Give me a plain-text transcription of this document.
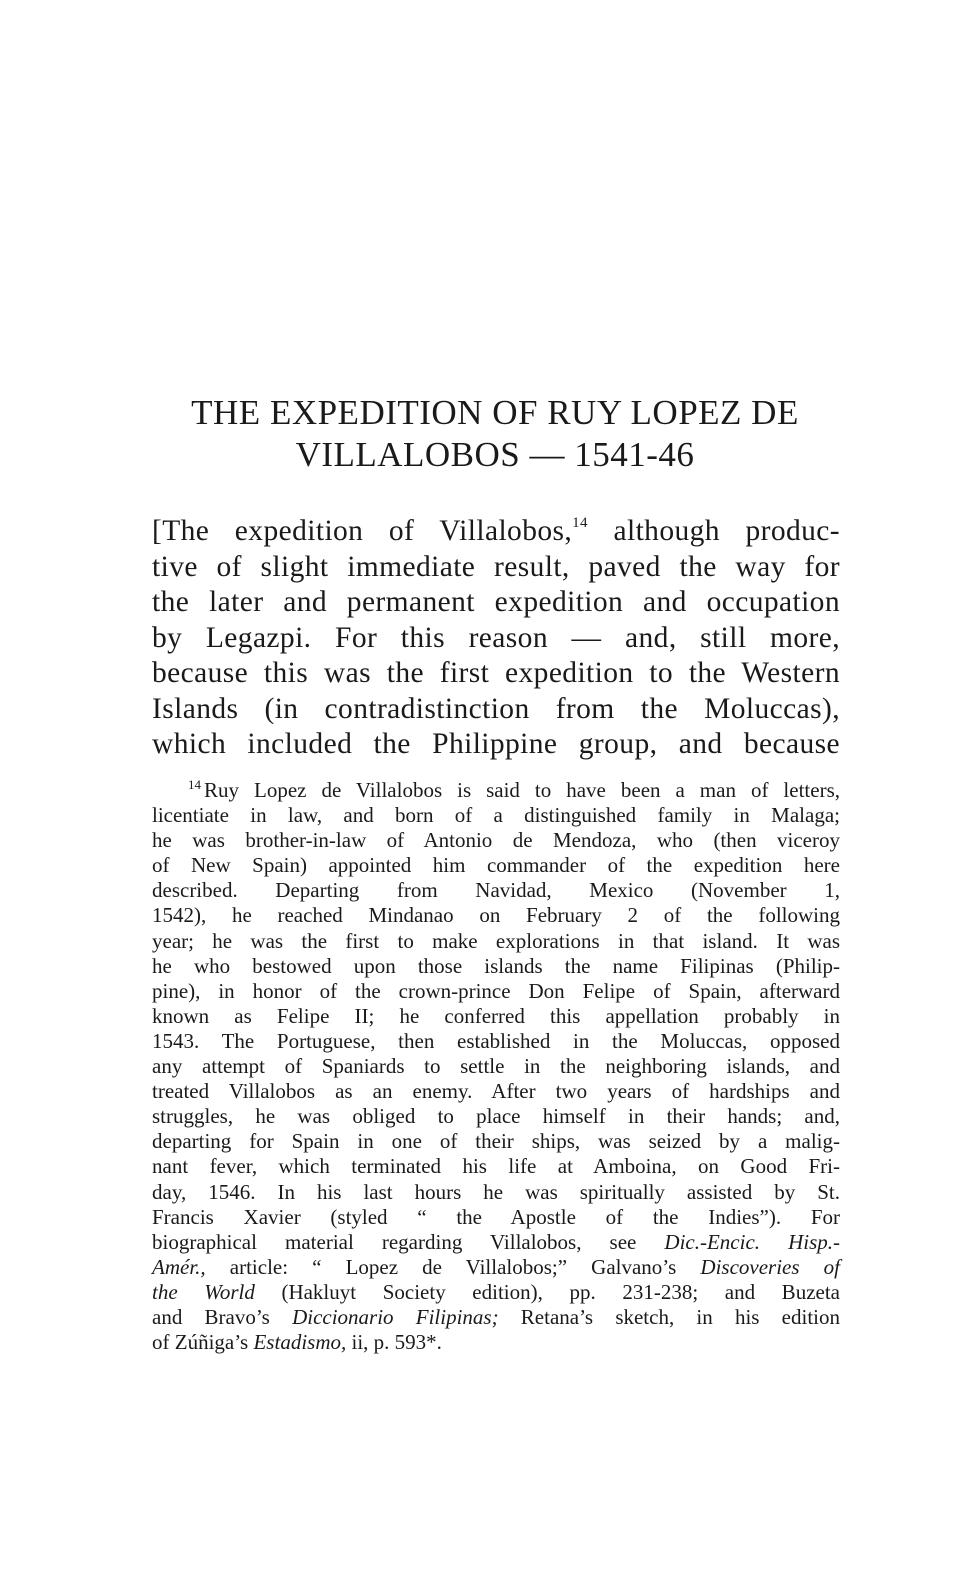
THE EXPEDITION OF RUY LOPEZ DE
VILLALOBOS — 1541-46
[The expedition of Villalobos,$^{14}$ although produc-
tive of slight immediate result, paved the way for
the later and permanent expedition and occupation
by Legazpi. For this reason — and, still more,
because this was the first expedition to the Western
Islands (in contradistinction from the Moluccas),
which included the Philippine group, and because
$^{14}$ Ruy Lopez de Villalobos is said to have been a man of letters,
licentiate in law, and born of a distinguished family in Malaga;
he was brother-in-law of Antonio de Mendoza, who (then viceroy
of New Spain) appointed him commander of the expedition here
described. Departing from Navidad, Mexico (November 1,
1542), he reached Mindanao on February 2 of the following
year; he was the first to make explorations in that island. It was
he who bestowed upon those islands the name Filipinas (Philip-
pine), in honor of the crown-prince Don Felipe of Spain, afterward
known as Felipe II; he conferred this appellation probably in
1543. The Portuguese, then established in the Moluccas, opposed
any attempt of Spaniards to settle in the neighboring islands, and
treated Villalobos as an enemy. After two years of hardships and
struggles, he was obliged to place himself in their hands; and,
departing for Spain in one of their ships, was seized by a malig-
nant fever, which terminated his life at Amboina, on Good Fri-
day, 1546. In his last hours he was spiritually assisted by St.
Francis Xavier (styled “ the Apostle of the Indies”). For
biographical material regarding Villalobos, see Dic.-Encic. Hisp.-
Amér., article: “ Lopez de Villalobos;” Galvano’s Discoveries of
the World (Hakluyt Society edition), pp. 231-238; and Buzeta
and Bravo’s Diccionario Filipinas; Retana’s sketch, in his edition
of Zúñiga’s Estadismo, ii, p. 593*.
